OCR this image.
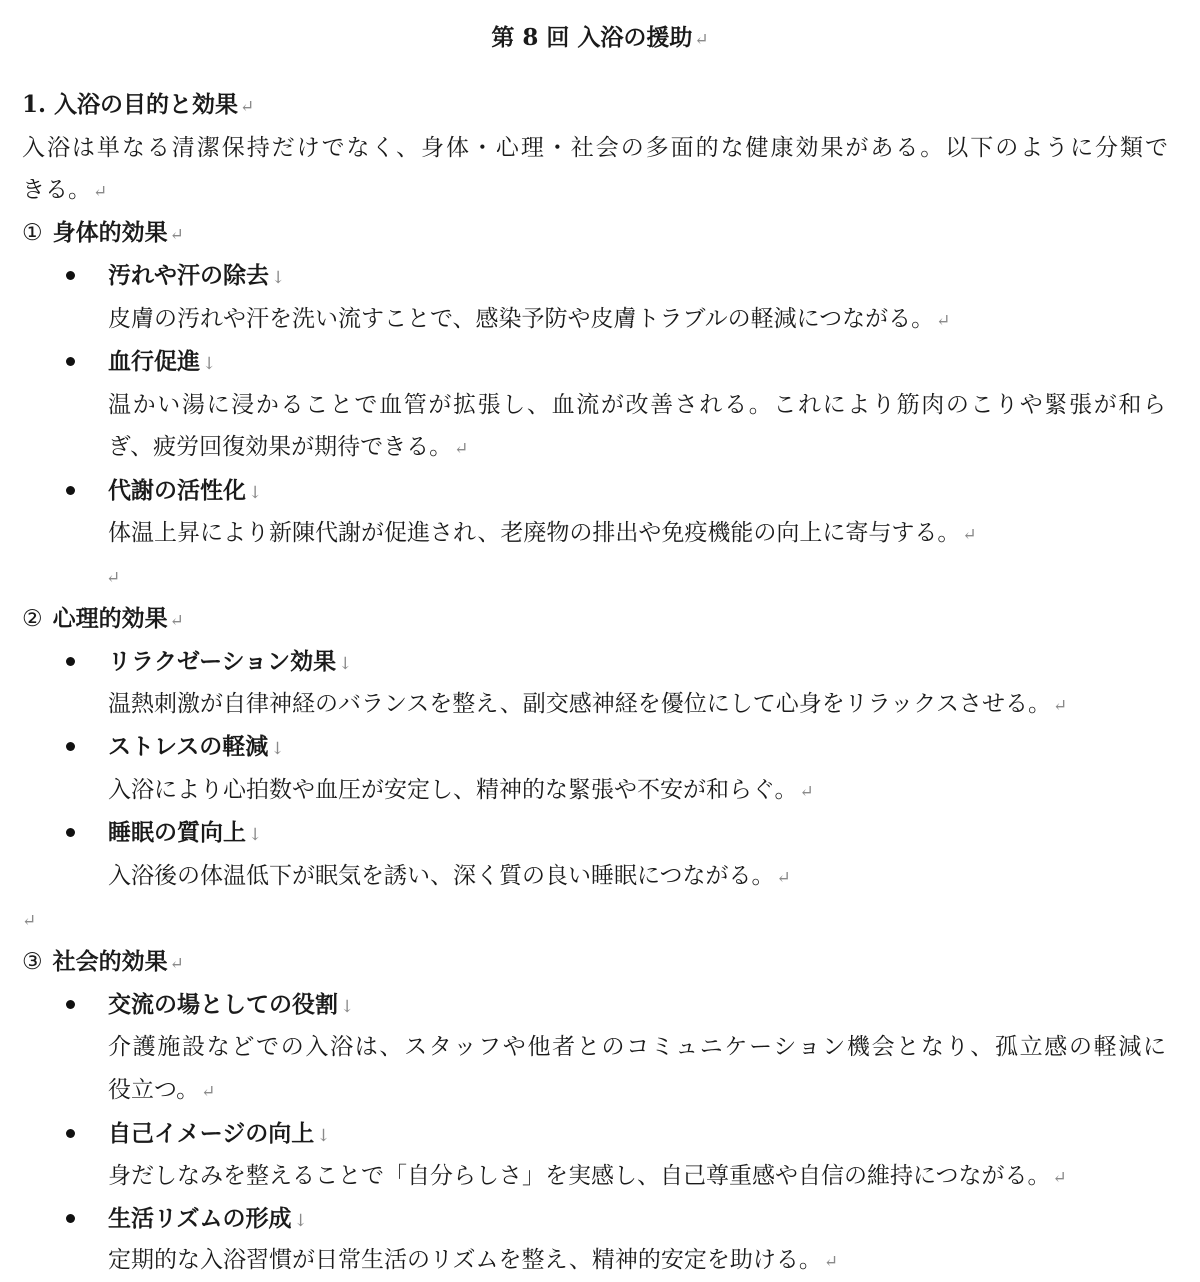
第 8 回 入浴の援助 ↵
1. 入浴の目的と効果 ↵
入浴は単なる清潔保持だけでなく、身体・心理・社会の多面的な健康効果がある。以下のように分類で
きる。 ↵
① 身体的効果 ↵
汚れや汗の除去 ↓
皮膚の汚れや汗を洗い流すことで、感染予防や皮膚トラブルの軽減につながる。 ↵
血行促進 ↓
温かい湯に浸かることで血管が拡張し、血流が改善される。これにより筋肉のこりや緊張が和ら
ぎ、疲労回復効果が期待できる。 ↵
代謝の活性化 ↓
体温上昇により新陳代謝が促進され、老廃物の排出や免疫機能の向上に寄与する。 ↵
↵
② 心理的効果 ↵
リラクゼーション効果 ↓
温熱刺激が自律神経のバランスを整え、副交感神経を優位にして心身をリラックスさせる。 ↵
ストレスの軽減 ↓
入浴により心拍数や血圧が安定し、精神的な緊張や不安が和らぐ。 ↵
睡眠の質向上 ↓
入浴後の体温低下が眠気を誘い、深く質の良い睡眠につながる。 ↵
↵
③ 社会的効果 ↵
交流の場としての役割 ↓
介護施設などでの入浴は、スタッフや他者とのコミュニケーション機会となり、孤立感の軽減に
役立つ。 ↵
自己イメージの向上 ↓
身だしなみを整えることで「自分らしさ」を実感し、自己尊重感や自信の維持につながる。 ↵
生活リズムの形成 ↓
定期的な入浴習慣が日常生活のリズムを整え、精神的安定を助ける。 ↵
